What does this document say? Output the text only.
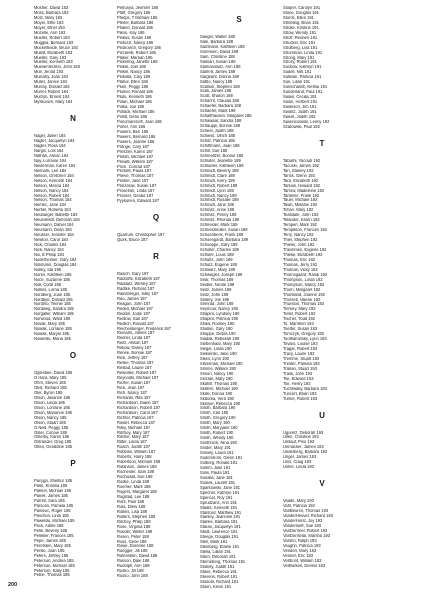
Mosher, David 183
Moss, Barbara 193
Motz, Mary 183
Moyer, Effie 193
Moyer, Ethel 193
Mozelle, Ann 193
Mueller, Robert 193
Mugglia, Bernard 183
Muckelheide, Bruce 193
Mulett, Elizabeth 183
Mueller, Gary 193
Mueller, Kenneth 183
Muesenfechter, John 183
Muir, Jerold 193
Mulcahy, Joan 184
Muller, Janice 184
Murray, Donald 184
Murrel, Robert 184
Murzyn, Ernest 184
Myskovich, Mary 184
N
Nagel, Julien 184
Nagler, Jacquelyn 184
Nagler, Rosa 184
Nargis, Lois 184
Nathan, Alison 184
Nay, Lorraine 184
Neiderman, Karen 184
Neimark, Lee 184
Nelson, Gretchen 184
Nelson, Kenneth 184
Nelson, Marcia 184
Nelson, Nancy 184
Nelson, Robert 184
Nelson, Thomas 184
Nemec, Jane 184
Nerbel, Roberta 184
Neubarger, Babette 184
Neuenfeldt, Deborah 184
Neumann, Daniel 184
Neumann, Dean 184
Neusser, Jennifer 184
Newton, Carol 184
Nick, Charles 184
Nick, Nancy 184
Nix, E Philip 184
Noderheimer, Gary 184
Nolimann, Douglas 184
Nolley, Ida 195
Noren, Kathleen 185
Noce, Suzanne 185
Noll, Coral 185
Nollins, Lorna 185
Nordberg, Joan 185
Nordbye, Donald 185
Nordmo, Tennie 185
Nordweg, Sandra 185
Norgaller, William 185
Norwood, Ward 185
Novak, Mary 185
Nowak, Lorraine 185
Nowak, Marylo 185
Nowinski, Maria 185
O
Oglesbee, David 185
O Hara, Mary 185
Ohm, Steven 185
Okst, Richard 185
Oler, Byron 185
Olson, Julianne 185
Olson, Linda 185
Olson, Lorraine 185
Olson, Marianne 185
Olson, Nancy 185
Olson, Stuart 185
O Neill, Peggy 185
Oster, Connie 185
Osterby, Karen 185
Ostrander, Greg 185
Otten, Geraldine 185
P
Pacyga, Shelbor 185
Palm, Kristina 185
Palmer, Michael 185
Panek, James 185
Parrell, Sara 185
Parsons, Pamela 185
Pavlovic, Roger 185
Paschen, Lindi 185
Pawelski, Michael 185
Peck, Adele 185
Pelle, Beverly 185
Pelletier, Frances 185
Pepe, James 185
Peretsten, Mary 185
Perski, Joan 185
Peters, Jeffrey 185
Peterson, Andrea 185
Peterson, Michael 185
Peterson, Sally 185
Petrie, Thomas 185
Petrunya, Jennifer 186
Pfaff, Gregory 186
Phelps, T Michael 186
Pfeifer, Barbara 186
Phalen, Donald 186
Pikon, Kay 186
Pinkus, Susan 186
Pintozzi, Nancy 186
Pirokovich, Gregory 186
Pizzarelli, Robert 186
Plaker, Marrian 186
Pickering, Janette 186
Pinkel, Joel 186
Pinkel, Nancy 186
Pinkolla, Cary 186
Plahor, Ellen 186
Plum, Peggy 186
Plumer, Ronald 186
Pluto, Kenneth 186
Polan, Michael 186
Polka, Joe 186
Pollack, Michael 186
Pollitt, Dean 186
Ponomarenoff, Joan 186
Porter, Ann 186
Powers, Ben 186
Powers, Bernard 186
Powers, Joanne 186
Prange, Cary 187
Preszler, Karen 187
Prelah, Michael 187
Prewitt, William 187
Price, Conrad 187
Prickett, Paula 187
Prieve, Thomas 187
Prinkle, Jane 187
Prinzelow, Susan 187
Proselner, Linda 187
Prosser, Gerald 187
Pyykonen, Edward 187
Q
Quarrum, Christopher 187
Quirk, Bruce 187
R
Rasich, Gary 187
Radcliffe, Elizabeth 187
Raddatz, Wesley 187
Radtke, Richard 187
Rainsberger, Sally 187
Rao, James 187
Reagan, John 187
Redell, Michael 187
Reddin, Jodie 187
Redlow, Gail 187
Redlich, Ronald 187
Reichenberger, Frederick 187
Reinarts, James 187
Reimer, Linda 187
Reitz, Allison 187
Rekow, Danny 187
Renee, Bonnie 187
Resl, Jeffrey 187
Reske, Thomas 187
Restad, Laurie 187
Rewoske, Robert 187
Reynolds, Michael 187
Rezler, Susan 187
Rice, Jean 187
Rich, Nancy 187
Richards, Rita 187
Richardson, Diane 187
Richardson, Robert 187
Richardson, Carol 187
Richter, Patricia 187
Riedel, Rebecca 187
Riley, Michael 187
Ritchey, Mary 187
Ritchie, Mary 187
Ritter, Linda 187
Roach, Judith 187
Robbins, William 187
Roberts, Harry 188
Robertson, Michael 188
Robinson, James 188
Rochester, Sam 188
Rochwald, Sue 188
Rodke, Linda 188
Roemer, Mark 188
Rogers, Margaret 188
Rogstad, Lee 188
Rohr, Paul 188
Rola, Drew 188
Rollins, Lisa 188
Rollers, Stephen 188
Ritchey, Philip 188
Rose, Virginia 188
Roeder, Walter 188
Rosen, Peter 188
Ross, Gene 188
Rowe, Dorenne 188
Ruegger, Jill 188
Rutenstein, David 188
Rulison, Dale 188
Rudolph, Ann 188
Rusko, Jill 188
Russo, John 188
S
Saeger, Walter 188
Sale, Barbara 188
Salzmann, Kathleen 188
Sorensen, David 188
Sam, Christine 188
Salinari, Susan 188
Salmanowitz, Ann 188
Sanfelt, James 188
Sargeant, Donna 188
Sattlo, Nancy 188
Scallion, Stephen 188
Scali, James 188
Scott, Sharon 188
Schacht, Claudia 188
Schaefer, Barbara 188
Schaefer, Mark 188
Schaffhausen, Margaret 188
Schawaar, Sandra 188
Schauppi, Bonnie 188
Scheel, Judith 188
Schiess, Ulrich 188
Schilz, Patricia 188
Schiffmann, Joan 188
Schill, Sue 188
Schmeltzer, Bonnie 189
Schloter, Jeanette 189
Schlueter, Kathleen 189
Schmidt, Beverly 189
Schmidt, Clare 189
Schmidt, Kerry 189
Schmidt, Robert 189
Schmidt, Lynn 189
Schmidt, Nancy 189
Schmidt, Rosalie 189
Schmidt, Jane 189
Schmitz, Anne 189
Schmitz, Penny 189
Schmitz, Rhonda 189
Schneider, Mark 189
Schneidmuller, Susan 189
Schoenbeck, Frank 189
Schoengardt, Barbara 189
Schoeppe, Gary 189
Scholler, Charles 189
Schuler, Louis 189
Schultz, John 189
Schutz, Eugene 189
Schwarz, Mary 189
Schwegler, Joseph 189
Sear, Thomas 189
Seidler, Nicole 189
Seitz, James 189
Seitz, John 189
Sellery, Joe 189
Semrad, John 189
Seymour, Nancy 190
Shapiro, Lyndsey 190
Shapiro, Patricia 190
Shaw, Rodney 190
Shulkin, Gary 190
Shuppe, Debra 190
Siadak, Rebekah 190
Siebenhaar, Mary 190
Siegel, Linda 190
Siekierski, Jane 190
Sikes, Lynn 190
Silverman, Michael 190
Simms, William 190
Simon, Nancy 190
Sinclair, Mary 190
Skahill, Thomas 190
Skillern, Michael 190
Skille, Donna 190
Skibicka, Vera 190
Skinner, Rebecca 190
Smith, Barbara 190
Smith, Carl 190
Smith, Gregory 190
Smith, Mary 190
Smith, Maryjane 190
Smith, Robert 190
Smith, Wendy 190
Smithrock, Nina 190
Snider, Mary 191
Snively, Laura 191
Soderstrom, Glenn 191
Solberg, Ronald 191
Solem, Julie 191
Solis, Paula 191
Sonalla, Jane 191
Soulek, Laurell 191
Sparkowski, Jane 191
Specher, Kathryn 191
Spencer, Roy 191
Sprudzans, Ann 191
Staats, Kenneth 191
Stanford, Matthew 191
Stanley, Jeannine 191
Stanke, Barbara 191
Staran, Jacquelyn 191
Stedt, Lawrence 191
Steege, Douglas 191
Steil, Mark 191
Steinberg, Elaine 191
Stella, Lillian 191
Stern, Deborah 191
Sterneberg, Thomas 191
Stokely, Judith 191
Stave, Rebecca 191
Stevens, Robert 191
Stodola, Richard 191
Stoen, Kevin 191
Stolper, Carolyn 191
Stone, Douglas 191
Storck, Ellen 191
Strebling, Brian 191
Stroke, Kristine 191
Strow, Wendy 191
Strolf, Reuben 191
Strucker, Eric 191
Strolberg, Lisa 191
Stromman, Linda 191
Strong, Mary 191
Strozy, Robert 191
Suckow, Kathryn 191
Sudell, Nils 191
Sullivan, Patricia 191
Sun, Lilian 191
Sunschandt, Alethia 191
Sunderland, Paul 191
Swain, Cecilia 191
Swan, Herbert 191
Swanson, Jim 191
Swartz, Judith 191
Sweet, Judith 192
Swieciciowski, Lenny 192
Szatowski, Paul 192
T
Tabarhi, Yacoub 192
Tacuski, James 192
Tan, Stanley 192
Tanck, Glenn 192
Tara, Elizabeth 192
Tarkow, Howard 192
Tarrow, Madeleine 192
Tarteline, Frank 192
Tauer, Michael 192
Tawn, Melanie 192
Tchan, Mary 192
Teasdale, John 192
Telander, Karen 192
Temperl, Mark 192
Templeton, Frances 192
Terry, Nancy 192
Thiel, Stephen 192
Thieler, John 192
Thiemmes, Eugene 192
Thieke, Elizabeth 192
Thomas, Eric 192
Thomas, Jerry 192
Thomas, Vicky 192
Thornsgaard, Randi 192
Thompson, Linda 192
Thompson, Nancy 192
Thorn, Margaret 192
Thorsland, Joanne 192
Thorsell, Valerie 192
Thurston, Thomas 192
Tierney, Mary 192
Tietel, Robert 192
Tischer, Todd 192
To, Marnhen 193
Toetter, Susan 193
Tomczyk, Gregory 193
Toothaminsky, Lynn 193
Tovaro, Louise 193
Tragar, Robert 193
Tracy, Laurie 193
Tremme, Stuart 193
Trester, Pamela 193
Trahan, Stuart 193
Trask, John 193
Tse, Edward 193
Tse, Henry 193
Tuchtwaky, Barbara 193
Tuncert, Brian 193
Turner, Robert 193
U
Ugoretz, Deborah 193
Ullen, Christine 193
Umlauf, Piso 193
Unmacker, James 193
Underberg, Barbara 193
Unger, James 193
Unis, Craig 193
Usher, Linda 193
V
Vaade, Mary 193
Vahl, Patricia 193
VanBeuren, Thomas 193
VanderHeuvel, Richard 193
VanderHorst, Joy 193
Vanderloeff, Sue 193
VanDerVeer, Robert 193
VanDonselar, Marsha 193
Varsho, Ralph 193
Vaughn, Patricia 193
Venden, Mary 193
Venner, Eric 193
Verlbont, William 193
VerBurkee, Dennis 193
200
